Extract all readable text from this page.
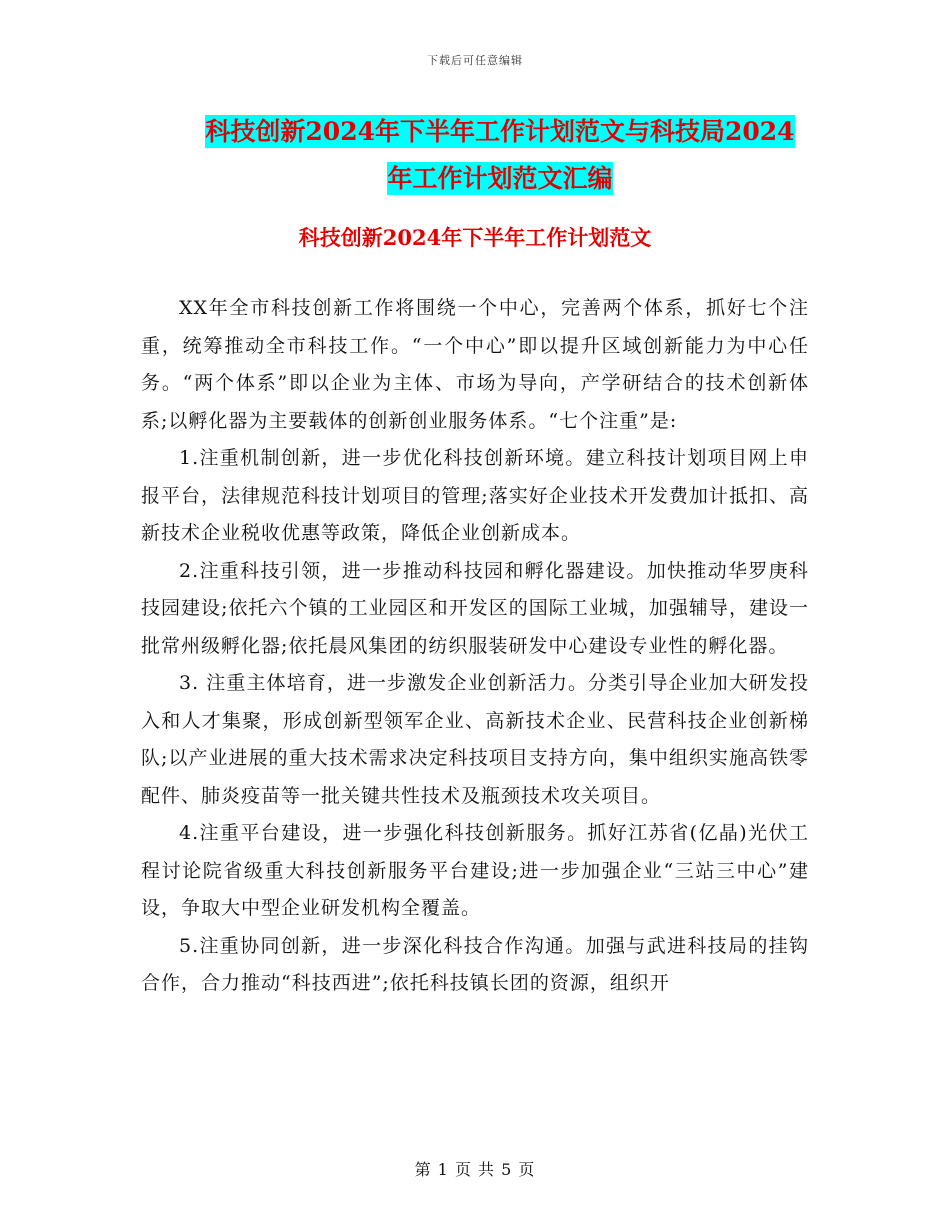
下载后可任意编辑
科技创新2024年下半年工作计划范文与科技局2024
年工作计划范文汇编
科技创新2024年下半年工作计划范文

XX年全市科技创新工作将围绕一个中心，完善两个体系，抓好七个注重，统筹推动全市科技工作。“一个中心”即以提升区域创新能力为中心任务。“两个体系”即以企业为主体、市场为导向，产学研结合的技术创新体系;以孵化器为主要载体的创新创业服务体系。“七个注重”是:

1.注重机制创新，进一步优化科技创新环境。建立科技计划项目网上申报平台，法律规范科技计划项目的管理;落实好企业技术开发费加计抵扣、高新技术企业税收优惠等政策，降低企业创新成本。

2.注重科技引领，进一步推动科技园和孵化器建设。加快推动华罗庚科技园建设;依托六个镇的工业园区和开发区的国际工业城，加强辅导，建设一批常州级孵化器;依托晨风集团的纺织服装研发中心建设专业性的孵化器。

3. 注重主体培育，进一步激发企业创新活力。分类引导企业加大研发投入和人才集聚，形成创新型领军企业、高新技术企业、民营科技企业创新梯队;以产业进展的重大技术需求决定科技项目支持方向，集中组织实施高铁零配件、肺炎疫苗等一批关键共性技术及瓶颈技术攻关项目。

4.注重平台建设，进一步强化科技创新服务。抓好江苏省(亿晶)光伏工程讨论院省级重大科技创新服务平台建设;进一步加强企业“三站三中心”建设，争取大中型企业研发机构全覆盖。

5.注重协同创新，进一步深化科技合作沟通。加强与武进科技局的挂钩合作，合力推动“科技西进”;依托科技镇长团的资源，组织开

第 1 页 共 5 页
